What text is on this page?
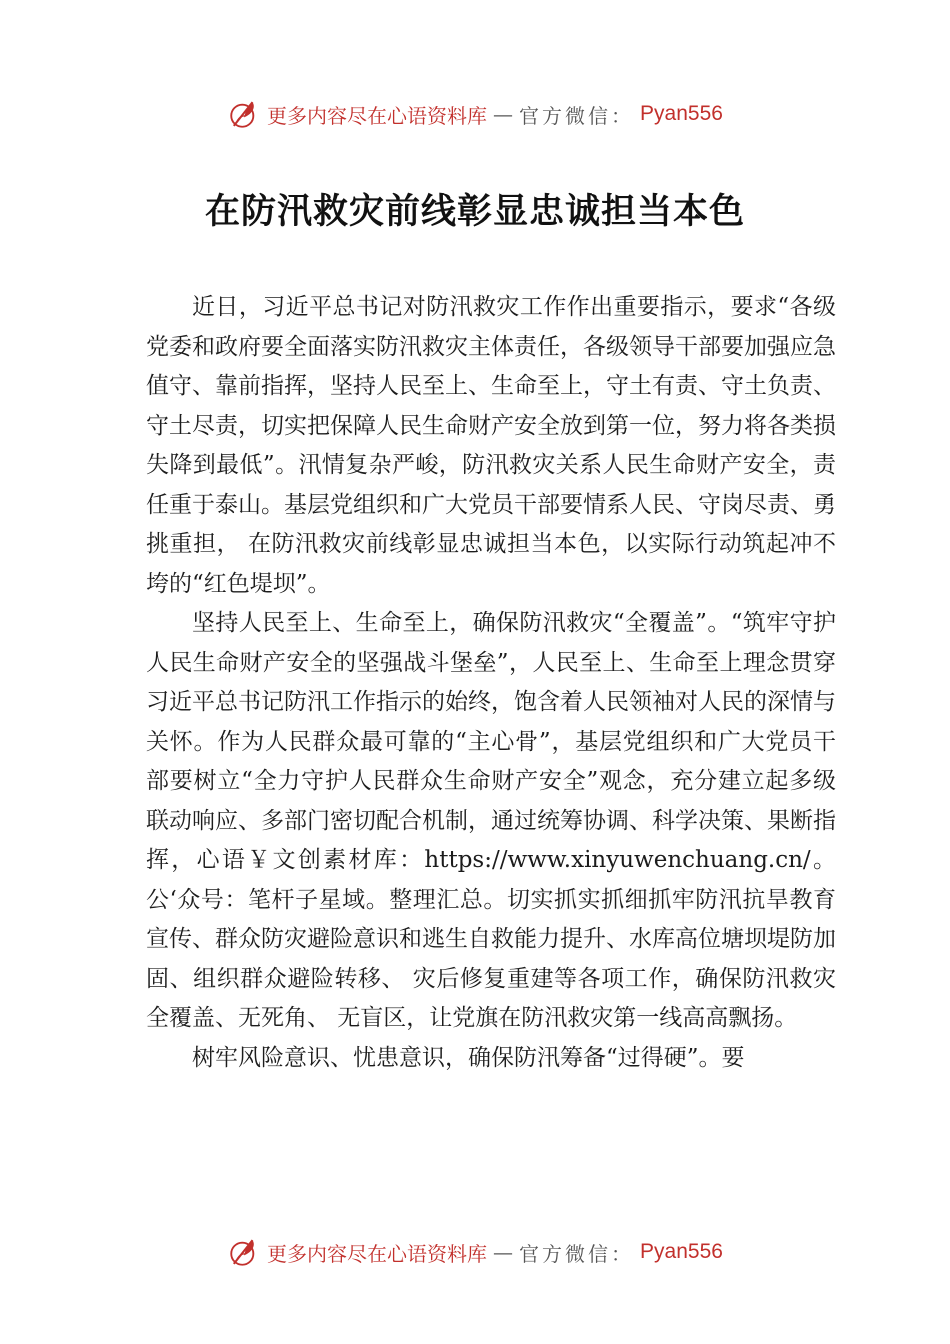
更多内容尽在心语资料库 — 官方微信： Pyan556
在防汛救灾前线彰显忠诚担当本色

近日，习近平总书记对防汛救灾工作作出重要指示，要求“各级党委和政府要全面落实防汛救灾主体责任，各级领导干部要加强应急值守、靠前指挥，坚持人民至上、生命至上，守土有责、守土负责、守土尽责，切实把保障人民生命财产安全放到第一位，努力将各类损失降到最低”。汛情复杂严峻，防汛救灾关系人民生命财产安全，责任重于泰山。基层党组织和广大党员干部要情系人民、守岗尽责、勇挑重担， 在防汛救灾前线彰显忠诚担当本色，以实际行动筑起冲不垮的“红色堤坝”。

坚持人民至上、生命至上，确保防汛救灾“全覆盖”。“筑牢守护人民生命财产安全的坚强战斗堡垒”，人民至上、生命至上理念贯穿习近平总书记防汛工作指示的始终，饱含着人民领袖对人民的深情与关怀。作为人民群众最可靠的“主心骨”，基层党组织和广大党员干部要树立“全力守护人民群众生命财产安全”观念，充分建立起多级联动响应、多部门密切配合机制，通过统筹协调、科学决策、果断指挥，心语￥文创素材库：https://www.xinyuwenchuang.cn/。公‘众号：笔杆子星域。整理汇总。切实抓实抓细抓牢防汛抗旱教育宣传、群众防灾避险意识和逃生自救能力提升、水库高位塘坝堤防加固、组织群众避险转移、 灾后修复重建等各项工作，确保防汛救灾全覆盖、无死角、 无盲区，让党旗在防汛救灾第一线高高飘扬。

树牢风险意识、忧患意识，确保防汛筹备“过得硬”。要

更多内容尽在心语资料库 — 官方微信： Pyan556
